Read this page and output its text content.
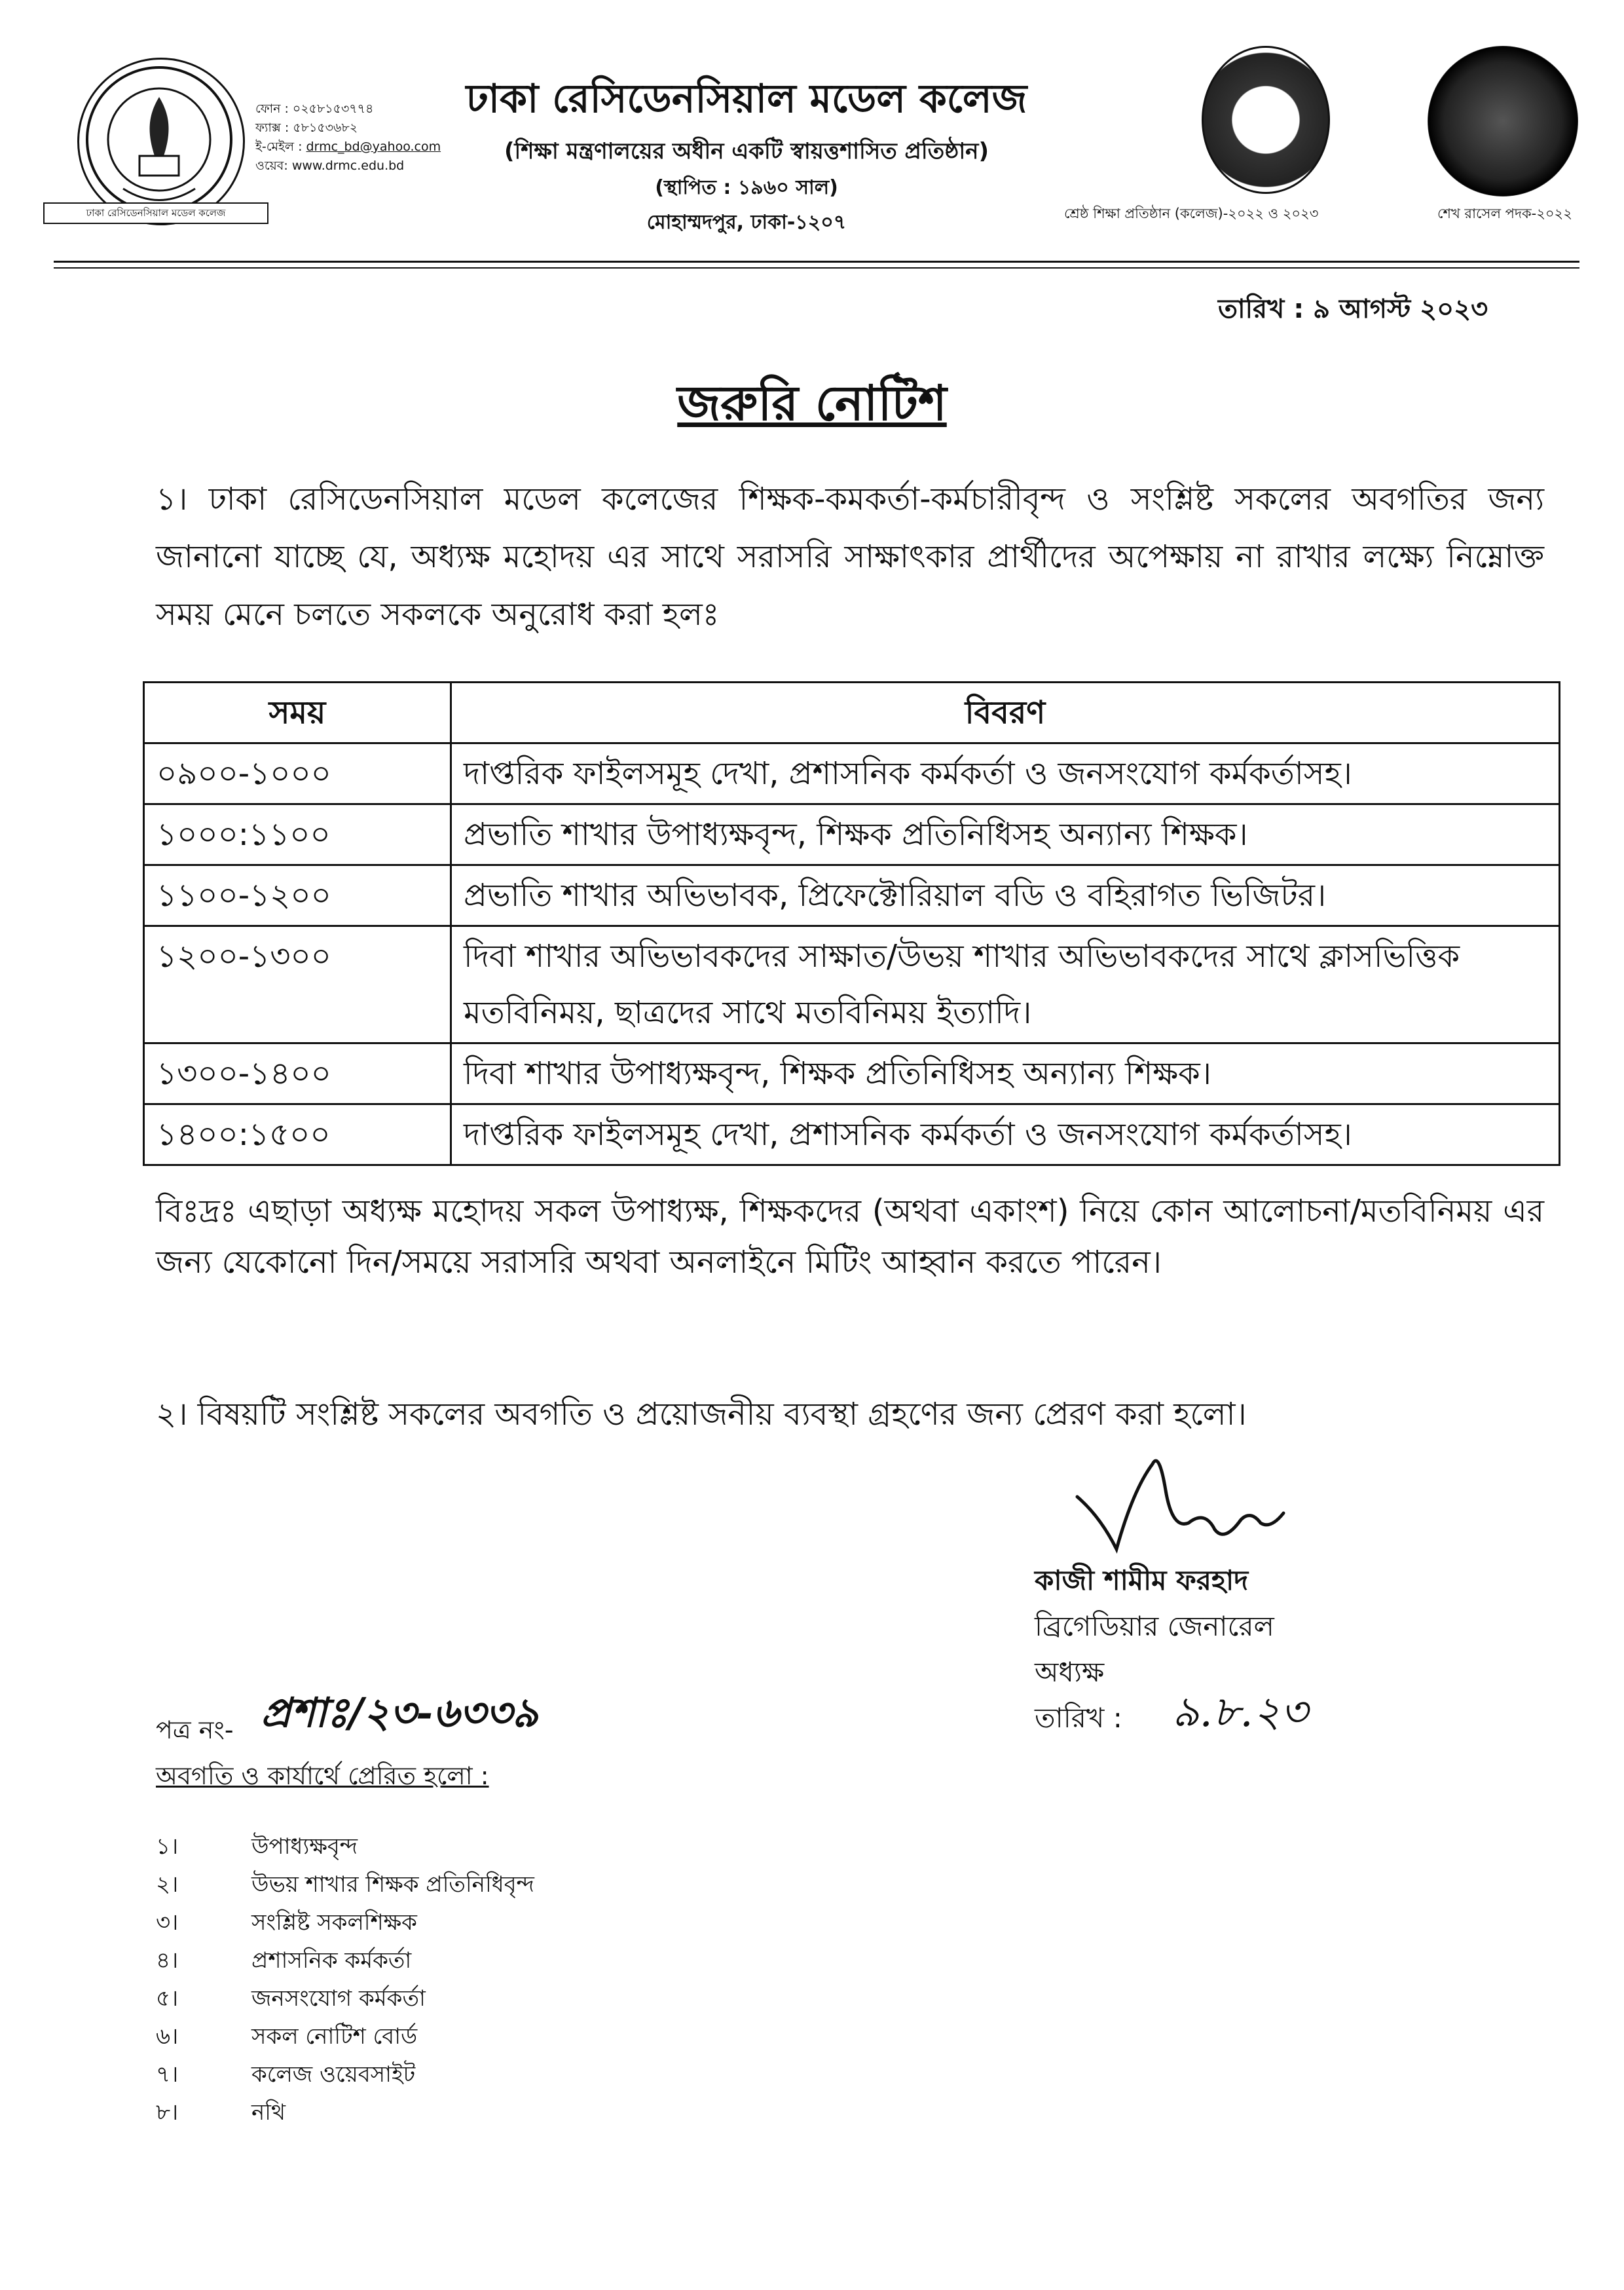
ঢাকা রেসিডেনসিয়াল মডেল কলেজ
ফোন : ০২৫৮১৫৩৭৭৪
ফ্যাক্স : ৫৮১৫৩৬৮২
ই-মেইল : drmc_bd@yahoo.com
ওয়েব: www.drmc.edu.bd
ঢাকা রেসিডেনসিয়াল মডেল কলেজ
(শিক্ষা মন্ত্রণালয়ের অধীন একটি স্বায়ত্তশাসিত প্রতিষ্ঠান)
(স্থাপিত : ১৯৬০ সাল)
মোহাম্মদপুর, ঢাকা-১২০৭	শ্রেষ্ঠ শিক্ষা প্রতিষ্ঠান (কলেজ)-২০২২ ও ২০২৩	শেখ রাসেল পদক-২০২২
তারিখ : ৯ আগস্ট ২০২৩
জরুরি নোটিশ
১। ঢাকা রেসিডেনসিয়াল মডেল কলেজের শিক্ষক-কমকর্তা-কর্মচারীবৃন্দ ও সংশ্লিষ্ট সকলের অবগতির জন্য জানানো যাচ্ছে যে, অধ্যক্ষ মহোদয় এর সাথে সরাসরি সাক্ষাৎকার প্রার্থীদের অপেক্ষায় না রাখার লক্ষ্যে নিম্নোক্ত সময় মেনে চলতে সকলকে অনুরোধ করা হলঃ
সময়	বিবরণ
০৯০০-১০০০	দাপ্তরিক ফাইলসমূহ দেখা, প্রশাসনিক কর্মকর্তা ও জনসংযোগ কর্মকর্তাসহ।
১০০০:১১০০	প্রভাতি শাখার উপাধ্যক্ষবৃন্দ, শিক্ষক প্রতিনিধিসহ অন্যান্য শিক্ষক।
১১০০-১২০০	প্রভাতি শাখার অভিভাবক, প্রিফেক্টোরিয়াল বডি ও বহিরাগত ভিজিটর।
১২০০-১৩০০	দিবা শাখার অভিভাবকদের সাক্ষাত/উভয় শাখার অভিভাবকদের সাথে ক্লাসভিত্তিক মতবিনিময়, ছাত্রদের সাথে মতবিনিময় ইত্যাদি।
১৩০০-১৪০০	দিবা শাখার উপাধ্যক্ষবৃন্দ, শিক্ষক প্রতিনিধিসহ অন্যান্য শিক্ষক।
১৪০০:১৫০০	দাপ্তরিক ফাইলসমূহ দেখা, প্রশাসনিক কর্মকর্তা ও জনসংযোগ কর্মকর্তাসহ।
বিঃদ্রঃ এছাড়া অধ্যক্ষ মহোদয় সকল উপাধ্যক্ষ, শিক্ষকদের (অথবা একাংশ) নিয়ে কোন আলোচনা/মতবিনিময় এর জন্য যেকোনো দিন/সময়ে সরাসরি অথবা অনলাইনে মিটিং আহ্বান করতে পারেন।
২। বিষয়টি সংশ্লিষ্ট সকলের অবগতি ও প্রয়োজনীয় ব্যবস্থা গ্রহণের জন্য প্রেরণ করা হলো।
কাজী শামীম ফরহাদ
ব্রিগেডিয়ার জেনারেল
অধ্যক্ষ
তারিখ : ৯.৮.২৩
পত্র নং- প্রশাঃ/২৩-৬৩৩৯
অবগতি ও কার্যার্থে প্রেরিত হলো :
১।	উপাধ্যক্ষবৃন্দ
২।	উভয় শাখার শিক্ষক প্রতিনিধিবৃন্দ
৩।	সংশ্লিষ্ট সকলশিক্ষক
৪।	প্রশাসনিক কর্মকর্তা
৫।	জনসংযোগ কর্মকর্তা
৬।	সকল নোটিশ বোর্ড
৭।	কলেজ ওয়েবসাইট
৮।	নথি
